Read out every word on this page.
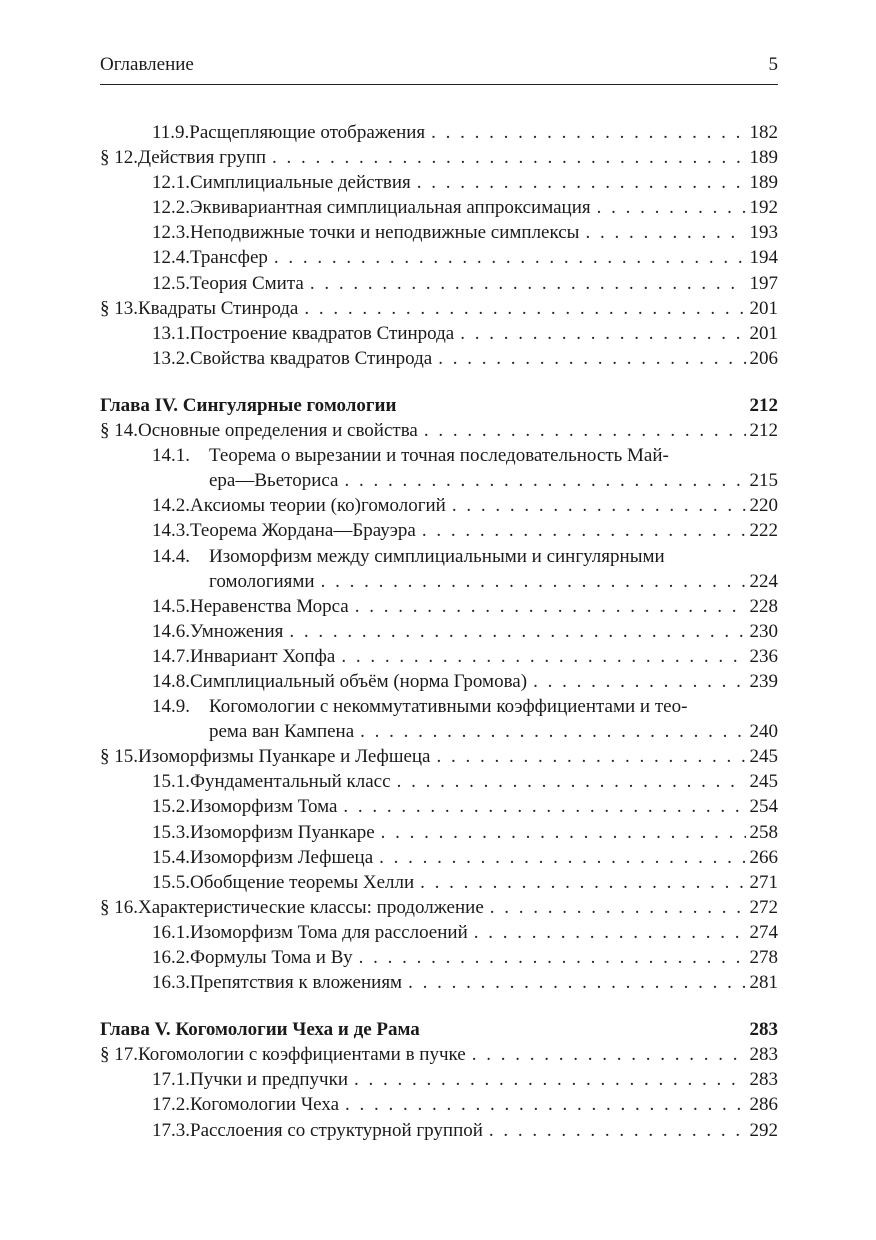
Оглавление	5
11.9. Расщепляющие отображения . . .	182
§ 12. Действия групп . . .	189
12.1. Симплициальные действия . . .	189
12.2. Эквивариантная симплициальная аппроксимация . . .	192
12.3. Неподвижные точки и неподвижные симплексы . . .	193
12.4. Трансфер . . .	194
12.5. Теория Смита . . .	197
§ 13. Квадраты Стинрода . . .	201
13.1. Построение квадратов Стинрода . . .	201
13.2. Свойства квадратов Стинрода . . .	206
Глава IV. Сингулярные гомологии	212
§ 14. Основные определения и свойства . . .	212
14.1.	Теорема о вырезании и точная последовательность Май-
ера—Вьеториса . . .	215
14.2. Аксиомы теории (ко)гомологий . . .	220
14.3. Теорема Жордана—Брауэра . . .	222
14.4.	Изоморфизм между симплициальными и сингулярными
гомологиями . . .	224
14.5. Неравенства Морса . . .	228
14.6. Умножения . . .	230
14.7. Инвариант Хопфа . . .	236
14.8. Симплициальный объём (норма Громова) . . .	239
14.9.	Когомологии с некоммутативными коэффициентами и тео-
рема ван Кампена . . .	240
§ 15. Изоморфизмы Пуанкаре и Лефшеца . . .	245
15.1. Фундаментальный класс . . .	245
15.2. Изоморфизм Тома . . .	254
15.3. Изоморфизм Пуанкаре . . .	258
15.4. Изоморфизм Лефшеца . . .	266
15.5. Обобщение теоремы Хелли . . .	271
§ 16. Характеристические классы: продолжение . . .	272
16.1. Изоморфизм Тома для расслоений . . .	274
16.2. Формулы Тома и Ву . . .	278
16.3. Препятствия к вложениям . . .	281
Глава V. Когомологии Чеха и де Рама	283
§ 17. Когомологии с коэффициентами в пучке . . .	283
17.1. Пучки и предпучки . . .	283
17.2. Когомологии Чеха . . .	286
17.3. Расслоения со структурной группой . . .	292
